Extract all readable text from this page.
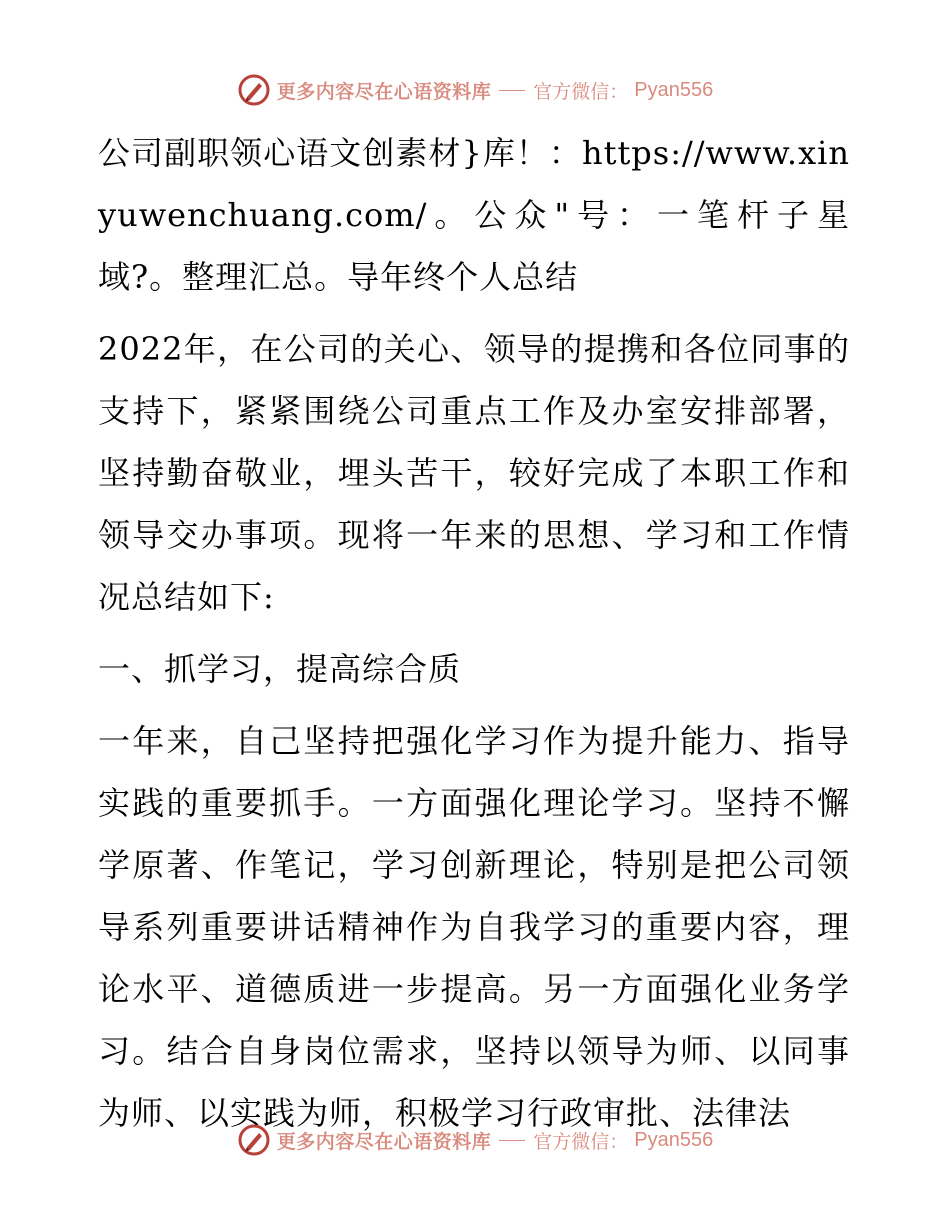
更多内容尽在心语资料库 官方微信： Pyan556

公司副职领心语文创素材}库！：https://www.xinyuwenchuang.com/。公众"号：一笔杆子星域?。整理汇总。导年终个人总结

2022年，在公司的关心、领导的提携和各位同事的支持下，紧紧围绕公司重点工作及办室安排部署，坚持勤奋敬业，埋头苦干，较好完成了本职工作和领导交办事项。现将一年来的思想、学习和工作情况总结如下:

一、抓学习，提高综合质

一年来，自己坚持把强化学习作为提升能力、指导实践的重要抓手。一方面强化理论学习。坚持不懈学原著、作笔记，学习创新理论，特别是把公司领导系列重要讲话精神作为自我学习的重要内容，理论水平、道德质进一步提高。另一方面强化业务学习。结合自身岗位需求，坚持以领导为师、以同事为师、以实践为师，积极学习行政审批、法律法

更多内容尽在心语资料库 官方微信： Pyan556
